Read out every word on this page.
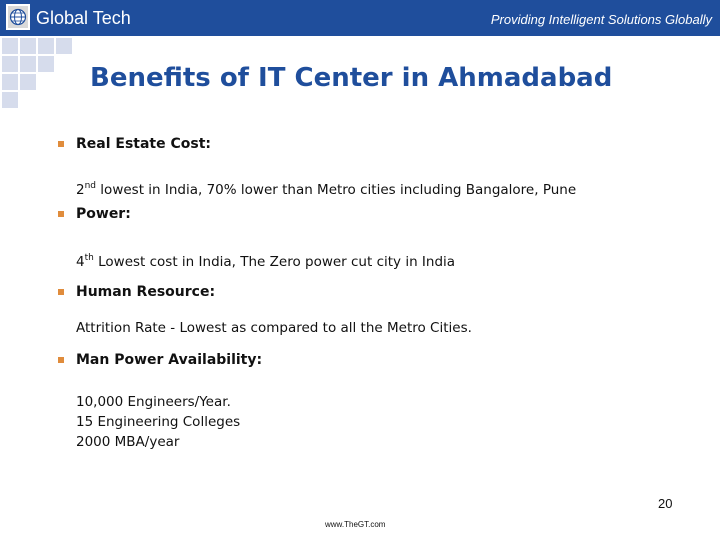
Global Tech	Providing Intelligent Solutions Globally
Benefits of IT Center in Ahmadabad
Real Estate Cost:
2nd lowest in India, 70% lower than Metro cities including Bangalore, Pune
Power:
4th Lowest cost in India, The Zero power cut city in India
Human Resource:
Attrition Rate - Lowest as compared to all the Metro Cities.
Man Power Availability:
10,000 Engineers/Year.
15 Engineering Colleges
2000 MBA/year
20
www.TheGT.com
